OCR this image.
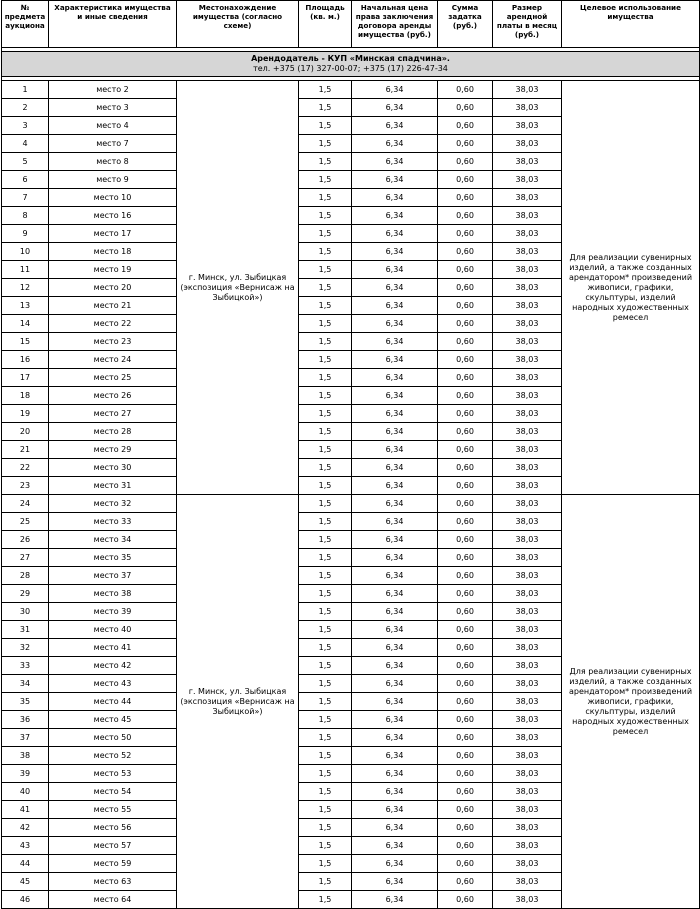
№ предмета аукциона	Характеристика имущества и иные сведения	Местонахождение имущества (согласно схеме)	Площадь (кв. м.)	Начальная цена права заключения договора аренды имущества (руб.)	Сумма задатка (руб.)	Размер арендной платы в месяц (руб.)	Целевое использование имущества

Арендодатель - КУП «Минская спадчина».
тел. +375 (17) 327-00-07; +375 (17) 226-47-34							

1	место 2	г. Минск, ул. Зыбицкая (экспозиция «Вернисаж на Зыбицкой»)	1,5	6,34	0,60	38,03	Для реализации сувенирных изделий, а также созданных арендатором* произведений живописи, графики, скульптуры, изделий народных художественных ремесел
2	место 3		1,5	6,34	0,60	38,03	
3	место 4		1,5	6,34	0,60	38,03	
4	место 7		1,5	6,34	0,60	38,03	
5	место 8		1,5	6,34	0,60	38,03	
6	место 9		1,5	6,34	0,60	38,03	
7	место 10		1,5	6,34	0,60	38,03	
8	место 16		1,5	6,34	0,60	38,03	
9	место 17		1,5	6,34	0,60	38,03	
10	место 18		1,5	6,34	0,60	38,03	
11	место 19		1,5	6,34	0,60	38,03	
12	место 20		1,5	6,34	0,60	38,03	
13	место 21		1,5	6,34	0,60	38,03	
14	место 22		1,5	6,34	0,60	38,03	
15	место 23		1,5	6,34	0,60	38,03	
16	место 24		1,5	6,34	0,60	38,03	
17	место 25		1,5	6,34	0,60	38,03	
18	место 26		1,5	6,34	0,60	38,03	
19	место 27		1,5	6,34	0,60	38,03	
20	место 28		1,5	6,34	0,60	38,03	
21	место 29		1,5	6,34	0,60	38,03	
22	место 30		1,5	6,34	0,60	38,03	
23	место 31		1,5	6,34	0,60	38,03	
24	место 32	г. Минск, ул. Зыбицкая (экспозиция «Вернисаж на Зыбицкой»)	1,5	6,34	0,60	38,03	Для реализации сувенирных изделий, а также созданных арендатором* произведений живописи, графики, скульптуры, изделий народных художественных ремесел
25	место 33		1,5	6,34	0,60	38,03	
26	место 34		1,5	6,34	0,60	38,03	
27	место 35		1,5	6,34	0,60	38,03	
28	место 37		1,5	6,34	0,60	38,03	
29	место 38		1,5	6,34	0,60	38,03	
30	место 39		1,5	6,34	0,60	38,03	
31	место 40		1,5	6,34	0,60	38,03	
32	место 41		1,5	6,34	0,60	38,03	
33	место 42		1,5	6,34	0,60	38,03	
34	место 43		1,5	6,34	0,60	38,03	
35	место 44		1,5	6,34	0,60	38,03	
36	место 45		1,5	6,34	0,60	38,03	
37	место 50		1,5	6,34	0,60	38,03	
38	место 52		1,5	6,34	0,60	38,03	
39	место 53		1,5	6,34	0,60	38,03	
40	место 54		1,5	6,34	0,60	38,03	
41	место 55		1,5	6,34	0,60	38,03	
42	место 56		1,5	6,34	0,60	38,03	
43	место 57		1,5	6,34	0,60	38,03	
44	место 59		1,5	6,34	0,60	38,03	
45	место 63		1,5	6,34	0,60	38,03	
46	место 64		1,5	6,34	0,60	38,03	
